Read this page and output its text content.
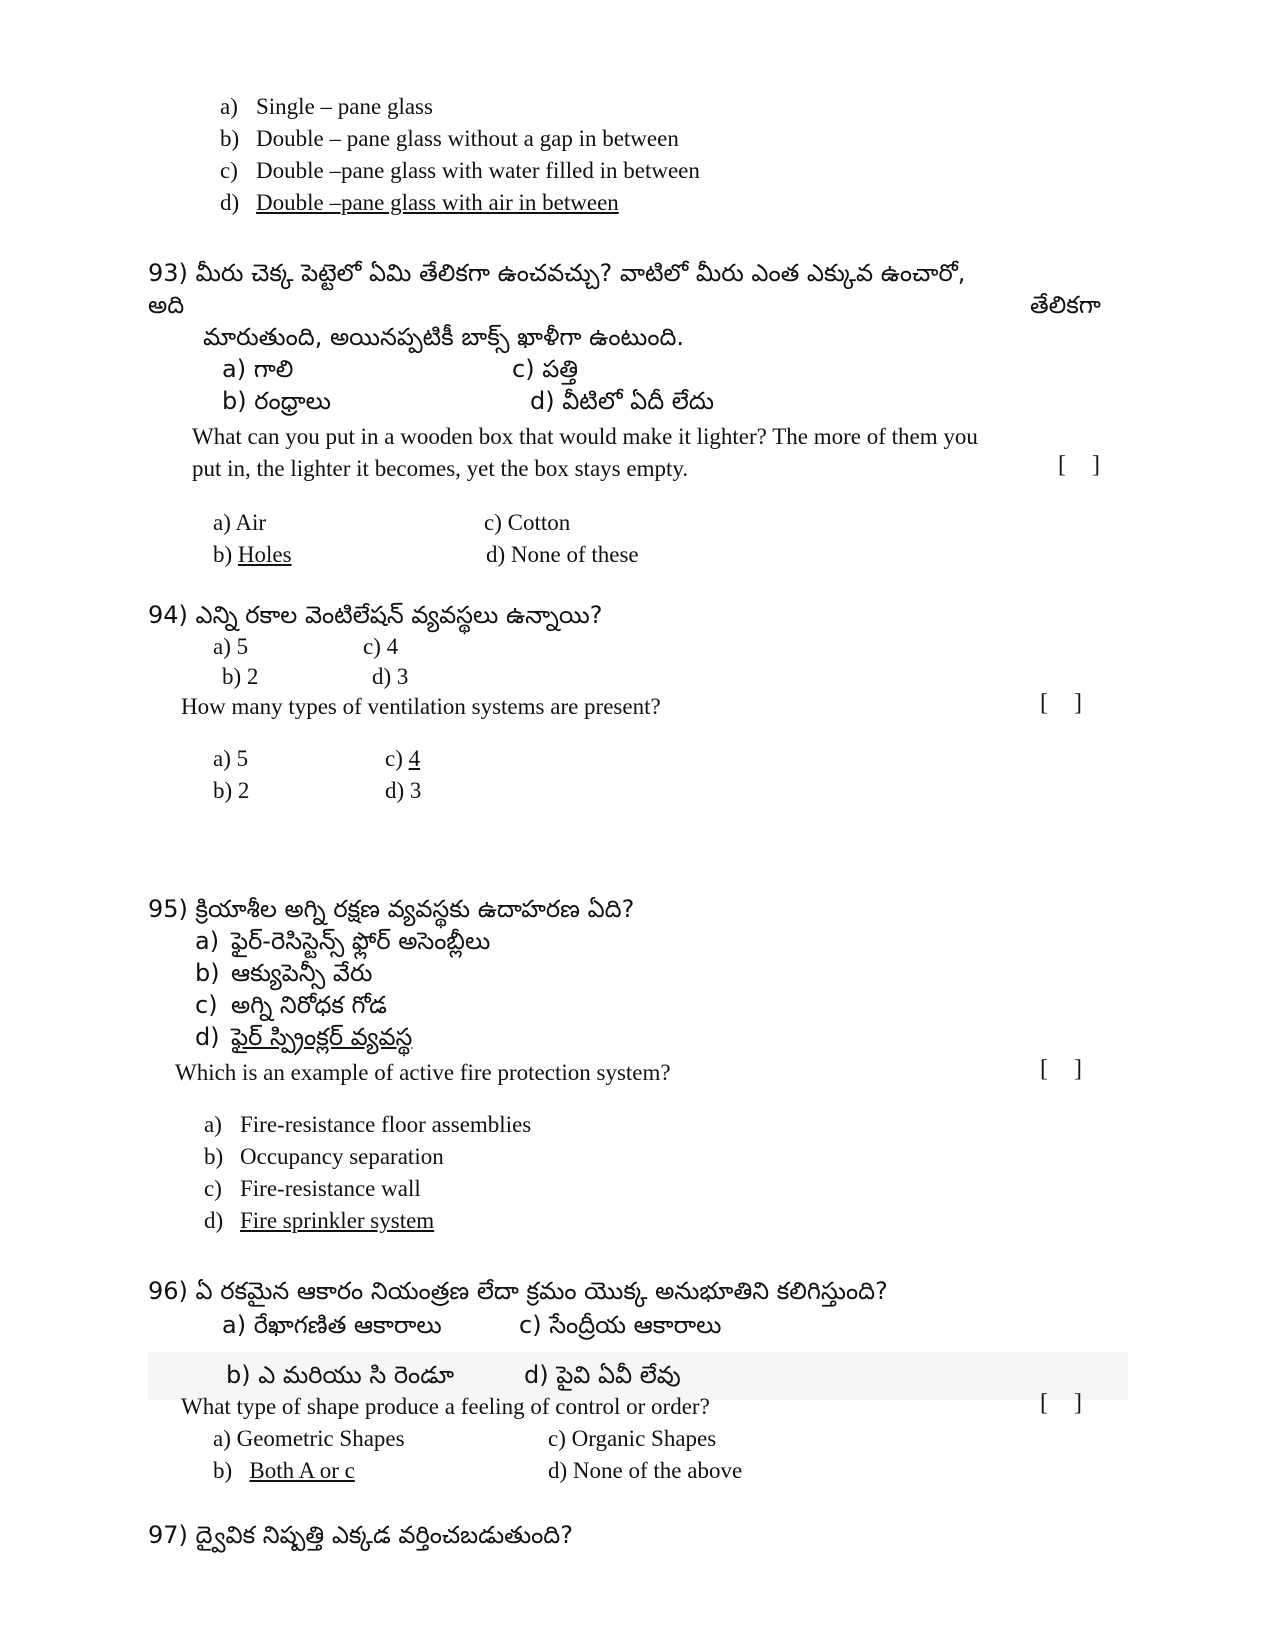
a) Single – pane glass
b) Double – pane glass without a gap in between
c) Double –pane glass with water filled in between
d) Double –pane glass with air in between
93) మీరు చెక్క పెట్టెలో ఏమి తేలికగా ఉంచవచ్చు? వాటిలో మీరు ఎంత ఎక్కువ ఉంచారో,
అది	తేలికగా
మారుతుంది, అయినప్పటికీ బాక్స్ ఖాళీగా ఉంటుంది.
a) గాలి	c) పత్తి
b) రంధ్రాలు	d) వీటిలో ఏదీ లేదు
What can you put in a wooden box that would make it lighter? The more of them you
put in, the lighter it becomes, yet the box stays empty.	[ ]
a) Air	c) Cotton
b) Holes	d) None of these
94) ఎన్ని రకాల వెంటిలేషన్ వ్యవస్థలు ఉన్నాయి?
a) 5	c) 4
b) 2	d) 3
How many types of ventilation systems are present?	[ ]
a) 5	c) 4
b) 2	d) 3
95) క్రియాశీల అగ్ని రక్షణ వ్యవస్థకు ఉదాహరణ ఏది?
a) ఫైర్-రెసిస్టెన్స్ ఫ్లోర్ అసెంబ్లీలు
b) ఆక్యుపెన్సీ వేరు
c) అగ్ని నిరోధక గోడ
d) ఫైర్ స్ప్రింక్లర్ వ్యవస్థ
Which is an example of active fire protection system?	[ ]
a) Fire-resistance floor assemblies
b) Occupancy separation
c) Fire-resistance wall
d) Fire sprinkler system
96) ఏ రకమైన ఆకారం నియంత్రణ లేదా క్రమం యొక్క అనుభూతిని కలిగిస్తుంది?
a) రేఖాగణిత ఆకారాలు	c) సేంద్రీయ ఆకారాలు
b) ఎ మరియు సి రెండూ	d) పైవి ఏవీ లేవు
What type of shape produce a feeling of control or order?	[ ]
a) Geometric Shapes	c) Organic Shapes
b) Both A or c	d) None of the above
97) ద్వైవిక నిష్పత్తి ఎక్కడ వర్తించబడుతుంది?
